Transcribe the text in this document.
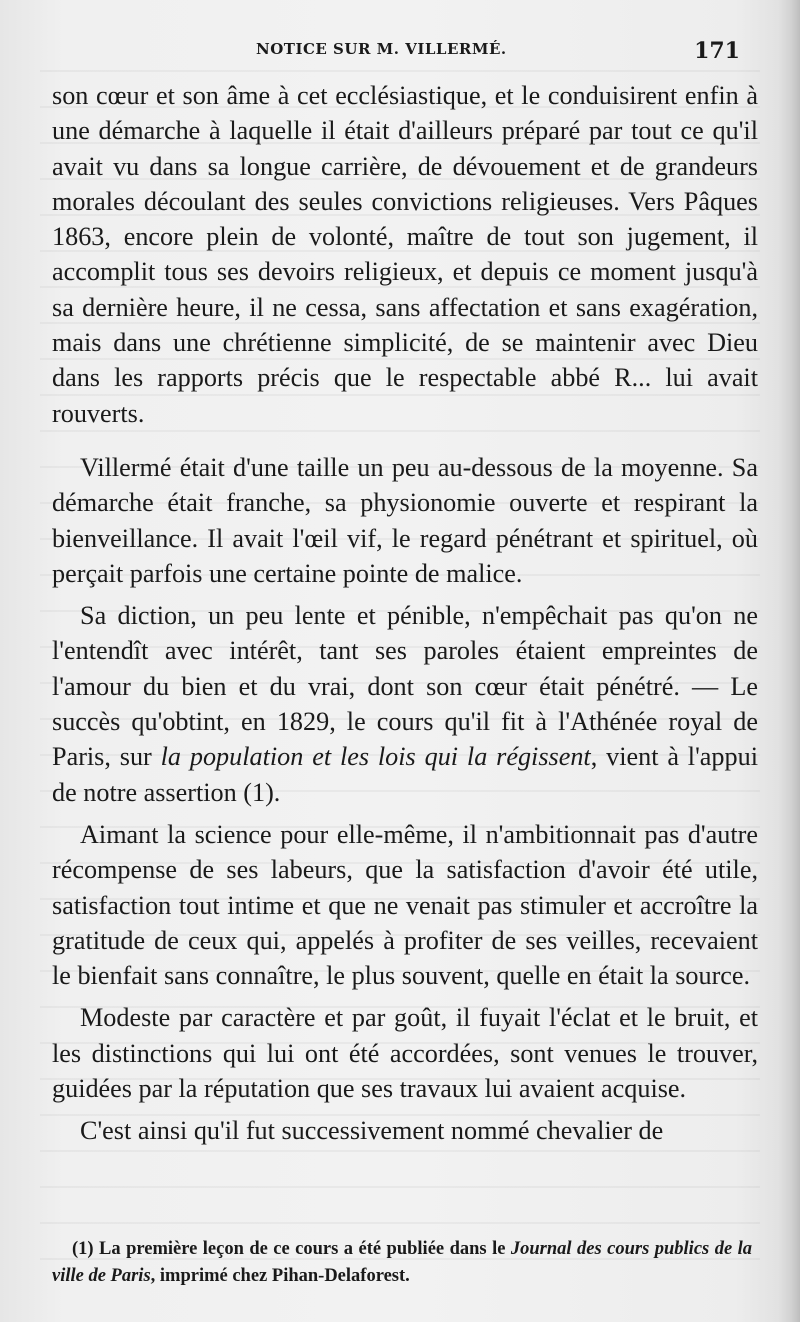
NOTICE SUR M. VILLERMÉ.	171

son cœur et son âme à cet ecclésiastique, et le conduisirent enfin à une démarche à laquelle il était d'ailleurs préparé par tout ce qu'il avait vu dans sa longue carrière, de dévouement et de grandeurs morales découlant des seules convictions religieuses. Vers Pâques 1863, encore plein de volonté, maître de tout son jugement, il accomplit tous ses devoirs religieux, et depuis ce moment jusqu'à sa dernière heure, il ne cessa, sans affectation et sans exagération, mais dans une chrétienne simplicité, de se maintenir avec Dieu dans les rapports précis que le respectable abbé R... lui avait rouverts.

Villermé était d'une taille un peu au-dessous de la moyenne. Sa démarche était franche, sa physionomie ouverte et respirant la bienveillance. Il avait l'œil vif, le regard pénétrant et spirituel, où perçait parfois une certaine pointe de malice.

Sa diction, un peu lente et pénible, n'empêchait pas qu'on ne l'entendît avec intérêt, tant ses paroles étaient empreintes de l'amour du bien et du vrai, dont son cœur était pénétré. — Le succès qu'obtint, en 1829, le cours qu'il fit à l'Athénée royal de Paris, sur la population et les lois qui la régissent, vient à l'appui de notre assertion (1).

Aimant la science pour elle-même, il n'ambitionnait pas d'autre récompense de ses labeurs, que la satisfaction d'avoir été utile, satisfaction tout intime et que ne venait pas stimuler et accroître la gratitude de ceux qui, appelés à profiter de ses veilles, recevaient le bienfait sans connaître, le plus souvent, quelle en était la source.

Modeste par caractère et par goût, il fuyait l'éclat et le bruit, et les distinctions qui lui ont été accordées, sont venues le trouver, guidées par la réputation que ses travaux lui avaient acquise.

C'est ainsi qu'il fut successivement nommé chevalier de

(1) La première leçon de ce cours a été publiée dans le Journal des cours publics de la ville de Paris, imprimé chez Pihan-Delaforest.
